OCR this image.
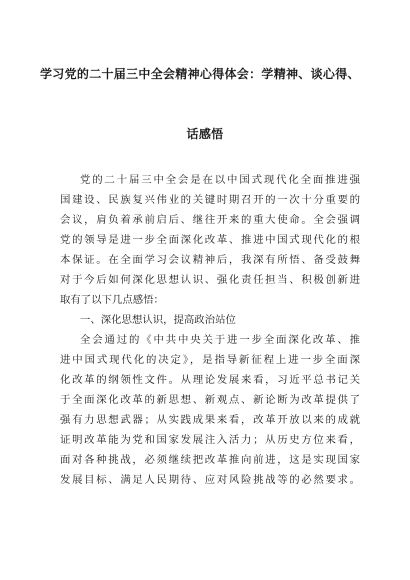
学习党的二十届三中全会精神心得体会：学精神、谈心得、
话感悟
党的二十届三中全会是在以中国式现代化全面推进强
国建设、民族复兴伟业的关键时期召开的一次十分重要的
会议，肩负着承前启后、继往开来的重大使命。全会强调
党的领导是进一步全面深化改革、推进中国式现代化的根
本保证。在全面学习会议精神后，我深有所悟、备受鼓舞
对于今后如何深化思想认识、强化责任担当、积极创新进
取有了以下几点感悟：
一、深化思想认识，提高政治站位
全会通过的《中共中央关于进一步全面深化改革、推
进中国式现代化的决定》，是指导新征程上进一步全面深
化改革的纲领性文件。从理论发展来看，习近平总书记关
于全面深化改革的新思想、新观点、新论断为改革提供了
强有力思想武器；从实践成果来看，改革开放以来的成就
证明改革能为党和国家发展注入活力；从历史方位来看，
面对各种挑战，必须继续把改革推向前进，这是实现国家
发展目标、满足人民期待、应对风险挑战等的必然要求。
